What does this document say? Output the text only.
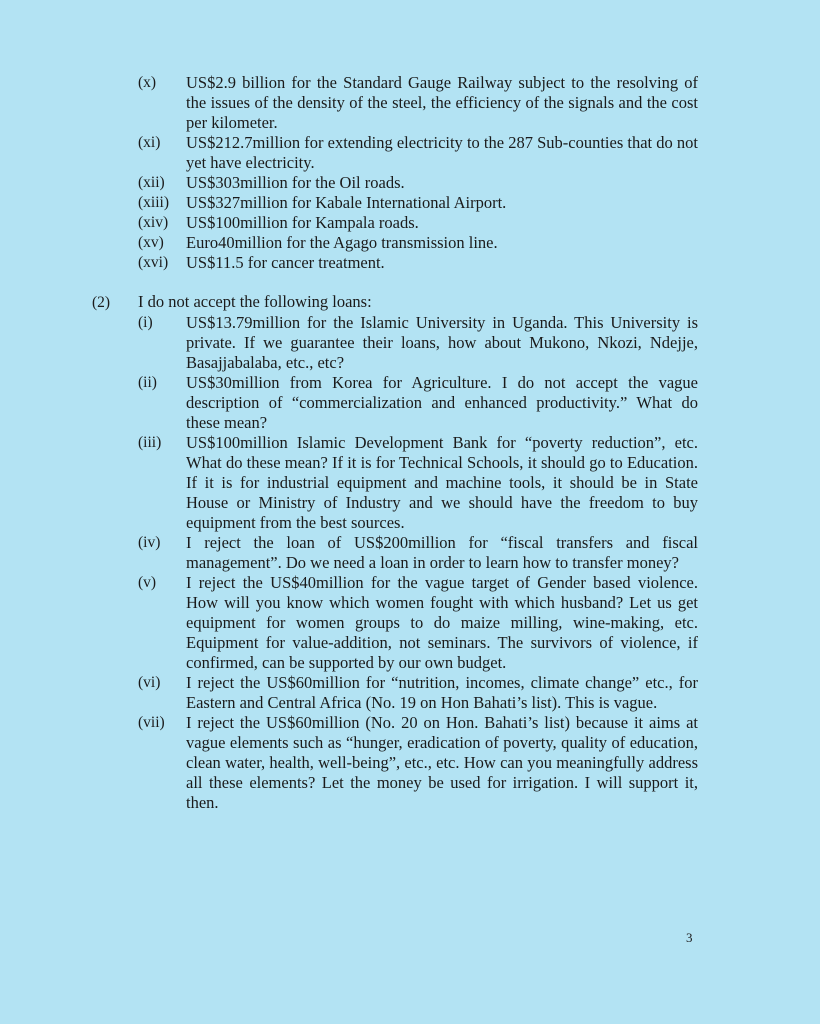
(x)	US$2.9 billion for the Standard Gauge Railway subject to the resolving of the issues of the density of the steel, the efficiency of the signals and the cost per kilometer.
(xi)	US$212.7million for extending electricity to the 287 Sub-counties that do not yet have electricity.
(xii)	US$303million for the Oil roads.
(xiii)	US$327million for Kabale International Airport.
(xiv)	US$100million for Kampala roads.
(xv)	Euro40million for the Agago transmission line.
(xvi)	US$11.5 for cancer treatment.
(2) I do not accept the following loans:
(i)	US$13.79million for the Islamic University in Uganda. This University is private. If we guarantee their loans, how about Mukono, Nkozi, Ndejje, Basajjabalaba, etc., etc?
(ii)	US$30million from Korea for Agriculture. I do not accept the vague description of “commercialization and enhanced productivity.” What do these mean?
(iii)	US$100million Islamic Development Bank for “poverty reduction”, etc. What do these mean? If it is for Technical Schools, it should go to Education. If it is for industrial equipment and machine tools, it should be in State House or Ministry of Industry and we should have the freedom to buy equipment from the best sources.
(iv)	I reject the loan of US$200million for “fiscal transfers and fiscal management”. Do we need a loan in order to learn how to transfer money?
(v)	I reject the US$40million for the vague target of Gender based violence. How will you know which women fought with which husband? Let us get equipment for women groups to do maize milling, wine-making, etc. Equipment for value-addition, not seminars. The survivors of violence, if confirmed, can be supported by our own budget.
(vi)	I reject the US$60million for “nutrition, incomes, climate change” etc., for Eastern and Central Africa (No. 19 on Hon Bahati’s list). This is vague.
(vii)	I reject the US$60million (No. 20 on Hon. Bahati’s list) because it aims at vague elements such as “hunger, eradication of poverty, quality of education, clean water, health, well-being”, etc., etc. How can you meaningfully address all these elements? Let the money be used for irrigation. I will support it, then.
3
